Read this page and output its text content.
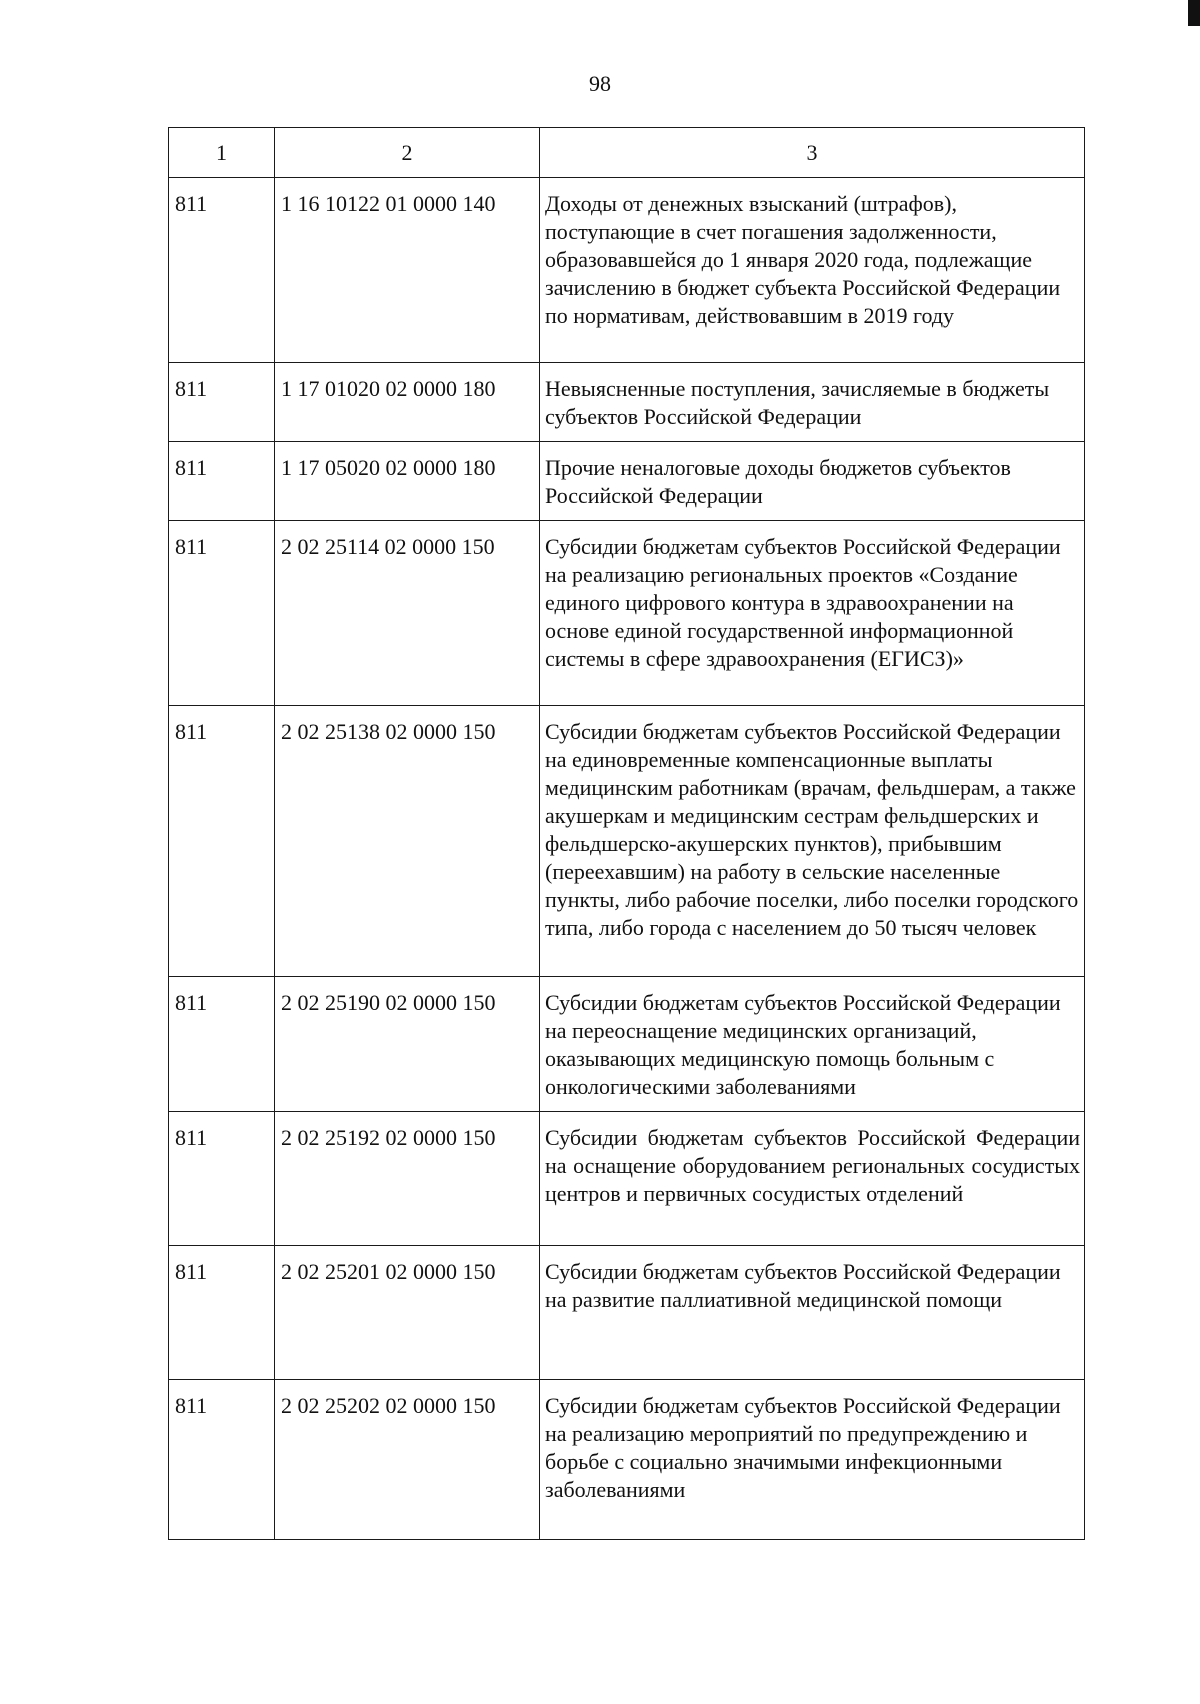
98
1	2	3
811	1 16 10122 01 0000 140	Доходы от денежных взысканий (штрафов), поступающие в счет погашения задолженности, образовавшейся до 1 января 2020 года, подлежащие зачислению в бюджет субъекта Российской Федерации по нормативам, действовавшим в 2019 году
811	1 17 01020 02 0000 180	Невыясненные поступления, зачисляемые в бюджеты субъектов Российской Федерации
811	1 17 05020 02 0000 180	Прочие неналоговые доходы бюджетов субъектов Российской Федерации
811	2 02 25114 02 0000 150	Субсидии бюджетам субъектов Российской Федерации на реализацию региональных проектов «Создание единого цифрового контура в здравоохранении на основе единой государственной информационной системы в сфере здравоохранения (ЕГИСЗ)»
811	2 02 25138 02 0000 150	Субсидии бюджетам субъектов Российской Федерации на единовременные компенсационные выплаты медицинским работникам (врачам, фельдшерам, а также акушеркам и медицинским сестрам фельдшерских и фельдшерско-акушерских пунктов), прибывшим (переехавшим) на работу в сельские населенные пункты, либо рабочие поселки, либо поселки городского типа, либо города с населением до 50 тысяч человек
811	2 02 25190 02 0000 150	Субсидии бюджетам субъектов Российской Федерации на переоснащение медицинских организаций, оказывающих медицинскую помощь больным с онкологическими заболеваниями
811	2 02 25192 02 0000 150	Субсидии бюджетам субъектов Российской Федерации на оснащение оборудованием региональных сосудистых центров и первичных сосудистых отделений
811	2 02 25201 02 0000 150	Субсидии бюджетам субъектов Российской Федерации на развитие паллиативной медицинской помощи
811	2 02 25202 02 0000 150	Субсидии бюджетам субъектов Российской Федерации на реализацию мероприятий по предупреждению и борьбе с социально значимыми инфекционными заболеваниями
